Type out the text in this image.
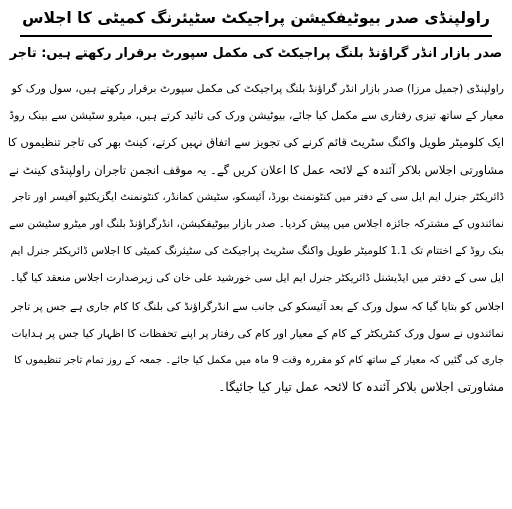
راولپنڈی صدر بیوٹیفکیشن پراجیکٹ سٹیئرنگ کمیٹی کا اجلاس
صدر بازار انڈر گراؤنڈ بلنگ پراجیکٹ کی مکمل سپورٹ برقرار رکھتے ہیں: تاجر
راولپنڈی (جمیل مرزا) صدر بازار انڈر گراؤنڈ بلنگ پراجیکٹ کی مکمل سپورٹ برقرار رکھتے ہیں، سول ورک کو
معیار کے ساتھ تیزی رفتاری سے مکمل کیا جائے، بیوٹیشن ورک کی تائید کرتے ہیں، میٹرو سٹیشن سے بینک روڈ
ایک کلومیٹر طویل واکنگ سٹریٹ قائم کرنے کی تجویز سے اتفاق نہیں کرتے، کینٹ بھر کی تاجر تنظیموں کا
مشاورتی اجلاس بلاکر آئندہ کے لائحہ عمل کا اعلان کریں گے۔ یہ موقف انجمن تاجران راولپنڈی کینٹ نے
ڈائریکٹر جنرل ایم ایل سی کے دفتر میں کنٹونمنٹ بورڈ، آئیسکو، سٹیشن کمانڈر، کنٹونمنٹ ایگزیکٹیو آفیسر اور تاجر
نمائندوں کے مشترکہ جائزہ اجلاس میں پیش کردیا۔ صدر بازار بیوٹیفکیشن، انڈرگراؤنڈ بلنگ اور میٹرو سٹیشن سے
بنک روڈ کے اختتام تک 1.1 کلومیٹر طویل واکنگ سٹریٹ پراجیکٹ کی سٹیئرنگ کمیٹی کا اجلاس ڈائریکٹر جنرل ایم
ایل سی کے دفتر میں ایڈیشنل ڈائریکٹر جنرل ایم ایل سی خورشید علی خان کی زیرصدارت اجلاس منعقد کیا گیا۔
اجلاس کو بتایا گیا کہ سول ورک کے بعد آئیسکو کی جانب سے انڈرگراؤنڈ کی بلنگ کا کام جاری ہے جس پر تاجر
نمائندوں نے سول ورک کنٹریکٹر کے کام کے معیار اور کام کی رفتار پر اپنے تحفظات کا اظہار کیا جس پر ہدایات
جاری کی گئیں کہ معیار کے ساتھ کام کو مقررہ وقت 9 ماہ میں مکمل کیا جائے۔ جمعہ کے روز تمام تاجر تنظیموں کا
مشاورتی اجلاس بلاکر آئندہ کا لائحہ عمل تیار کیا جائیگا۔
